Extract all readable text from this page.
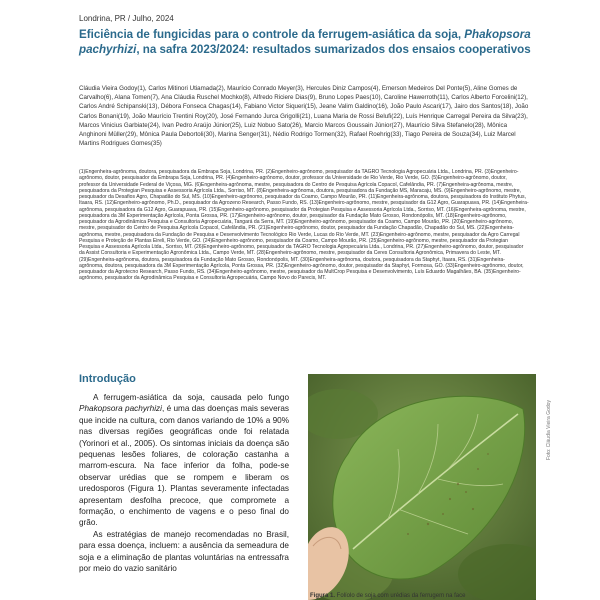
Londrina, PR / Julho, 2024
Eficiência de fungicidas para o controle da ferrugem-asiática da soja, Phakopsora pachyrhizi, na safra 2023/2024: resultados sumarizados dos ensaios cooperativos
Cláudia Vieira Godoy(1), Carlos Mitinori Utiamada(2), Maurício Conrado Meyer(3), Hercules Diniz Campos(4), Emerson Medeiros Del Ponte(5), Aline Gomes de Carvalho(6), Alana Tomen(7), Ana Cláudia Ruschel Mochko(8), Alfredo Riciere Dias(9), Bruno Lopes Paes(10), Caroline Hawerroth(11), Carlos Alberto Forcelini(12), Carlos André Schipanski(13), Débora Fonseca Chagas(14), Fabiano Victor Siqueri(15), Jeane Valim Galdino(16), João Paulo Ascari(17), Jairo dos Santos(18), João Carlos Bonani(19), João Maurício Trentini Roy(20), José Fernando Jurca Grigolli(21), Luana Maria de Rossi Belufi(22), Luís Henrique Carregal Pereira da Silva(23), Marcos Vinicius Garbiate(24), Ivan Pedro Araújo Júnior(25), Luiz Nobuo Sato(26), Marcio Marcos Goussain Júnior(27), Maurício Silva Stefanelo(28), Mônica Anghinoni Müller(29), Mônica Paula Debortoli(30), Marina Senger(31), Nédio Rodrigo Tormen(32), Rafael Roehrig(33), Tiago Pereira de Souza(34), Luiz Marcel Martins Rodrigues Gomes(35)
(1)Engenheira-agrônoma, doutora, pesquisadora da Embrapa Soja, Londrina, PR. (2)Engenheiro-agrônomo, pesquisador da TAGRO Tecnologia Agropecuária Ltda., Londrina, PR. (3)Engenheiro-agrônomo, doutor, pesquisador da Embrapa Soja, Londrina, PR. (4)Engenheiro-agrônomo, doutor, professor da Universidade de Rio Verde, Rio Verde, GO. (5)Engenheiro-agrônomo, doutor, professor da Universidade Federal de Viçosa, MG. (6)Engenheira-agrônoma, mestre, pesquisadora do Centro de Pesquisa Agrícola Copacol, Cafelândia, PR. (7)Engenheira-agrônoma, mestre, pesquisadora da Protegian Pesquisa e Assessoria Agrícola Ltda., Sorriso, MT. (8)Engenheira-agrônoma, doutora, pesquisadora da Fundação MS, Maracaju, MS. (9)Engenheiro-agrônomo, mestre, pesquisador da Desafios Agro, Chapadão do Sul, MS. (10)Engenheiro-agrônomo, pesquisador da Coamo, Campo Mourão, PR. (11)Engenheira-agrônoma, doutora, pesquisadora do Instituto Phytus, Itaara, RS. (12)Engenheiro-agrônomo, Ph.D., pesquisador da Agrozeno Research, Passo Fundo, RS. (13)Engenheiro-agrônomo, mestre, pesquisador da G12 Agro, Guarapuava, PR. (14)Engenheira-agrônoma, pesquisadora da G12 Agro, Guarapuava, PR. (15)Engenheiro-agrônomo, pesquisador da Protegian Pesquisa e Assessoria Agrícola Ltda., Sorriso, MT. (16)Engenheira-agrônoma, mestre, pesquisadora da 3M Experimentação Agrícola, Ponta Grossa, PR. (17)Engenheiro-agrônomo, doutor, pesquisador da Fundação Mato Grosso, Rondonópolis, MT. (18)Engenheiro-agrônomo, pesquisador da Agrodinâmica Pesquisa e Consultoria Agropecuária, Tangará da Serra, MT. (19)Engenheiro-agrônomo, pesquisador da Coamo, Campo Mourão, PR. (20)Engenheiro-agrônomo, mestre, pesquisador do Centro de Pesquisa Agrícola Copacol, Cafelândia, PR. (21)Engenheiro-agrônomo, doutor, pesquisador da Fundação Chapadão, Chapadão do Sul, MS. (22)Engenheira-agrônoma, mestre, pesquisadora da Fundação de Pesquisa e Desenvolvimento Tecnológico Rio Verde, Lucas do Rio Verde, MT. (23)Engenheiro-agrônomo, mestre, pesquisador da Agro Carregal Pesquisa e Proteção de Plantas Eireli, Rio Verde, GO. (24)Engenheiro-agrônomo, pesquisador da Coamo, Campo Mourão, PR. (25)Engenheiro-agrônomo, mestre, pesquisador da Protegian Pesquisa e Assessoria Agrícola Ltda., Sorriso, MT. (26)Engenheiro-agrônomo, pesquisador da TAGRO Tecnologia Agropecuária Ltda., Londrina, PR. (27)Engenheiro-agrônomo, doutor, pesquisador da Assist Consultoria e Experimentação Agronômica Ltda., Campo Verde, MT. (28)Engenheiro-agrônomo, mestre, pesquisador da Ceres Consultoria Agronômica, Primavera do Leste, MT. (29)Engenheira-agrônoma, doutora, pesquisadora da Fundação Mato Grosso, Rondonópolis, MT. (30)Engenheira-agrônoma, doutora, pesquisadora da Staphyt, Itaara, RS. (31)Engenheira-agrônoma, doutora, pesquisadora da 3M Experimentação Agrícola, Ponta Grossa, PR. (32)Engenheiro-agrônomo, doutor, pesquisador da Staphyt, Formosa, GO. (33)Engenheiro-agrônomo, doutor, pesquisador da Agrotecno Research, Passo Fundo, RS. (34)Engenheiro-agrônomo, mestre, pesquisador da MultCrop Pesquisa e Desenvolvimento, Luís Eduardo Magalhães, BA. (35)Engenheiro-agrônomo, pesquisador da Agrodinâmica Pesquisa e Consultoria Agropecuária, Campo Novo do Parecis, MT.
Introdução

A ferrugem-asiática da soja, causada pelo fungo Phakopsora pachyrhizi, é uma das doenças mais severas que incide na cultura, com danos variando de 10% a 90% nas diversas regiões geográficas onde foi relatada (Yorinori et al., 2005). Os sintomas iniciais da doença são pequenas lesões foliares, de coloração castanha a marrom-escura. Na face inferior da folha, pode-se observar urédias que se rompem e liberam os uredosporos (Figura 1). Plantas severamente infectadas apresentam desfolha precoce, que compromete a formação, o enchimento de vagens e o peso final do grão.

As estratégias de manejo recomendadas no Brasil, para essa doença, incluem: a ausência da semeadura de soja e a eliminação de plantas voluntárias na entressafra por meio do vazio sanitário

Foto: Cláudia Vieira Godoy
Figura 1. Folíolo de soja com urédias da ferrugem na face
